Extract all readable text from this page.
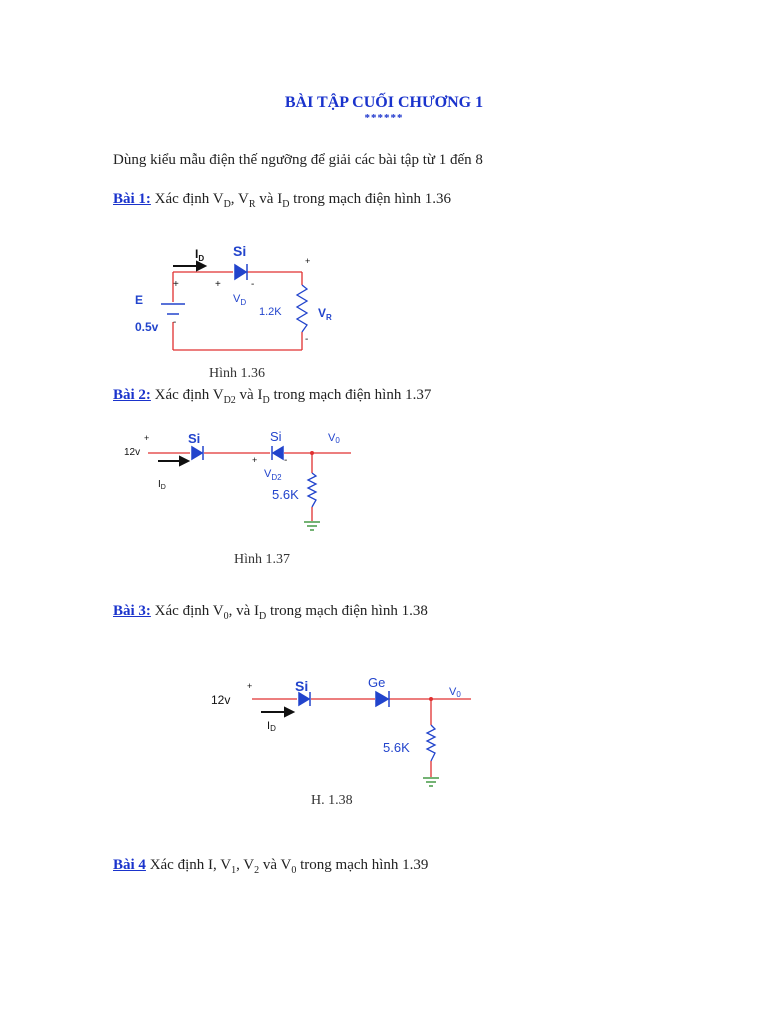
BÀI TẬP CUỐI CHƯƠNG 1
******
Dùng kiểu mẫu điện thế ngưỡng để giải các bài tập từ 1 đến 8
Bài 1: Xác định $V_D$, $V_R$ và $I_D$ trong mạch điện hình 1.36
$I_D$ Si
E
0.5v
$V_D$
1.2K	$V_R$
+	+	-
+
-
-
Hình 1.36
Bài 2: Xác định $V_{D2}$ và $I_D$ trong mạch điện hình 1.37
12v
+	Si	Si	V0
$V_{D2}$
+	-
$I_D$	5.6K
Hình 1.37
Bài 3: Xác định $V_0$, và $I_D$ trong mạch điện hình 1.38
12v
+	Si	Ge
V0
ID
5.6K
H. 1.38
Bài 4 Xác định I, $V_1$, $V_2$ và $V_0$ trong mạch hình 1.39
